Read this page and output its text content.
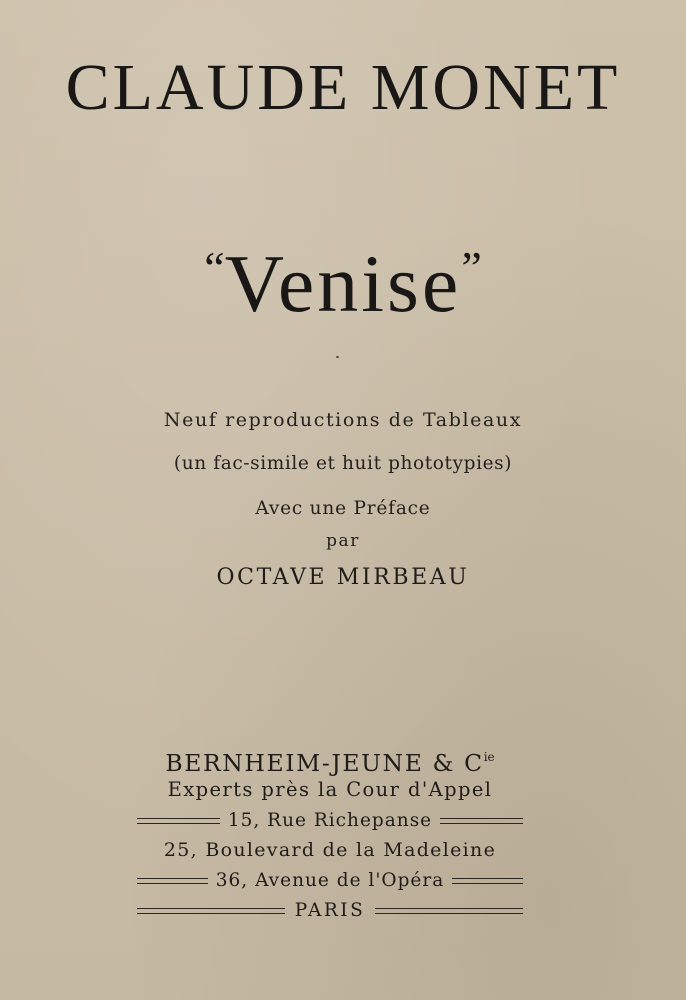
CLAUDE MONET
“Venise”
Neuf reproductions de Tableaux
(un fac-simile et huit phototypies)
Avec une Préface
par
OCTAVE MIRBEAU
BERNHEIM-JEUNE & $C^{ie}$
Experts près la Cour d'Appel
15, Rue Richepanse
25, Boulevard de la Madeleine
36, Avenue de l'Opéra
PARIS
